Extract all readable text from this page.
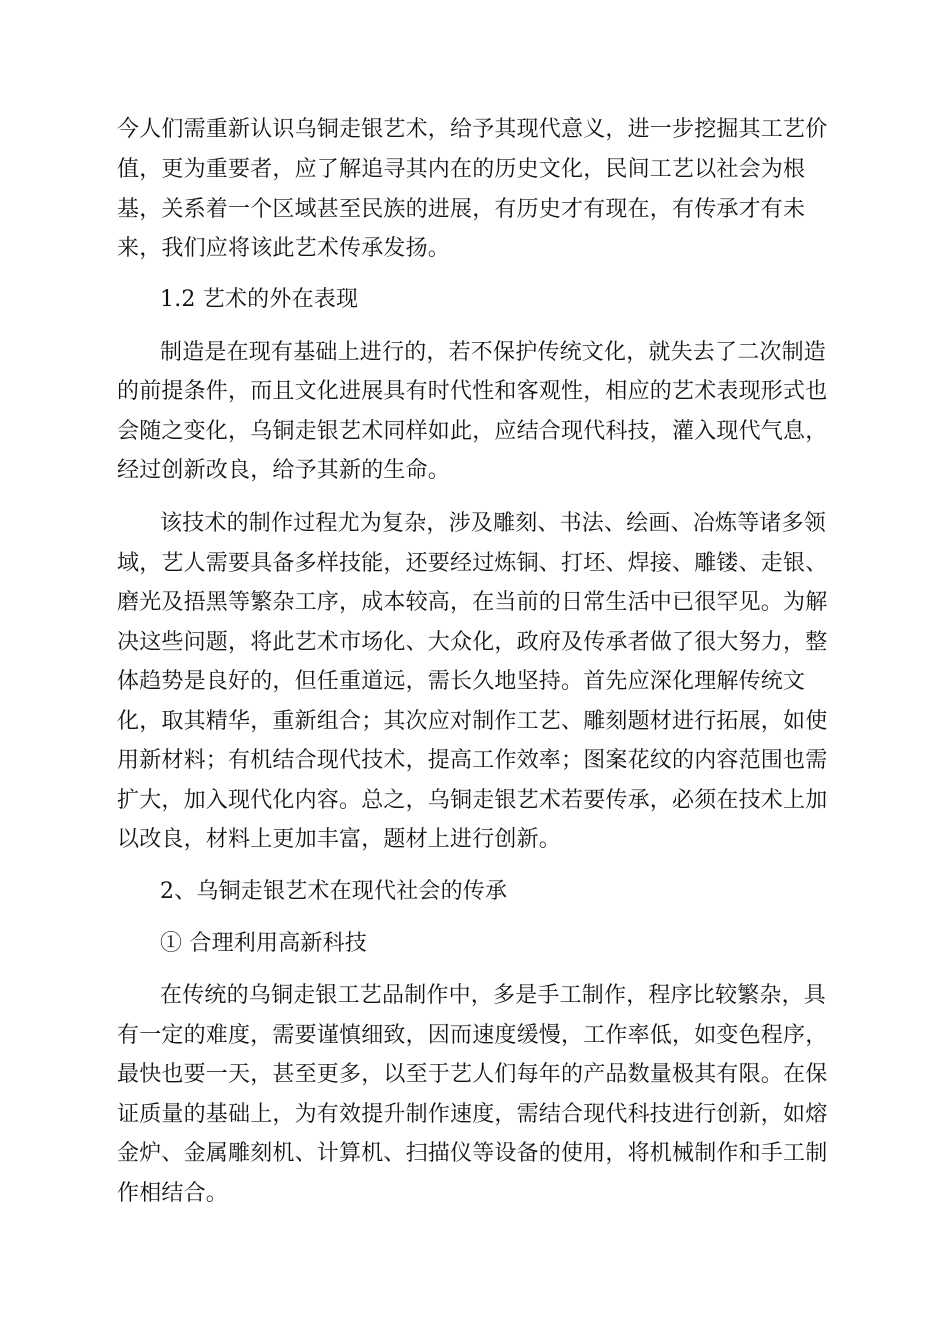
今人们需重新认识乌铜走银艺术，给予其现代意义，进一步挖掘其工艺价
值，更为重要者，应了解追寻其内在的历史文化，民间工艺以社会为根
基，关系着一个区域甚至民族的进展，有历史才有现在，有传承才有未
来，我们应将该此艺术传承发扬。
1.2 艺术的外在表现
制造是在现有基础上进行的，若不保护传统文化，就失去了二次制造
的前提条件，而且文化进展具有时代性和客观性，相应的艺术表现形式也
会随之变化，乌铜走银艺术同样如此，应结合现代科技，灌入现代气息，
经过创新改良，给予其新的生命。
该技术的制作过程尤为复杂，涉及雕刻、书法、绘画、冶炼等诸多领
域，艺人需要具备多样技能，还要经过炼铜、打坯、焊接、雕镂、走银、
磨光及捂黑等繁杂工序，成本较高，在当前的日常生活中已很罕见。为解
决这些问题，将此艺术市场化、大众化，政府及传承者做了很大努力，整
体趋势是良好的，但任重道远，需长久地坚持。首先应深化理解传统文
化，取其精华，重新组合；其次应对制作工艺、雕刻题材进行拓展，如使
用新材料；有机结合现代技术，提高工作效率；图案花纹的内容范围也需
扩大，加入现代化内容。总之，乌铜走银艺术若要传承，必须在技术上加
以改良，材料上更加丰富，题材上进行创新。
2、乌铜走银艺术在现代社会的传承
① 合理利用高新科技
在传统的乌铜走银工艺品制作中，多是手工制作，程序比较繁杂，具
有一定的难度，需要谨慎细致，因而速度缓慢，工作率低，如变色程序，
最快也要一天，甚至更多，以至于艺人们每年的产品数量极其有限。在保
证质量的基础上，为有效提升制作速度，需结合现代科技进行创新，如熔
金炉、金属雕刻机、计算机、扫描仪等设备的使用，将机械制作和手工制
作相结合。
